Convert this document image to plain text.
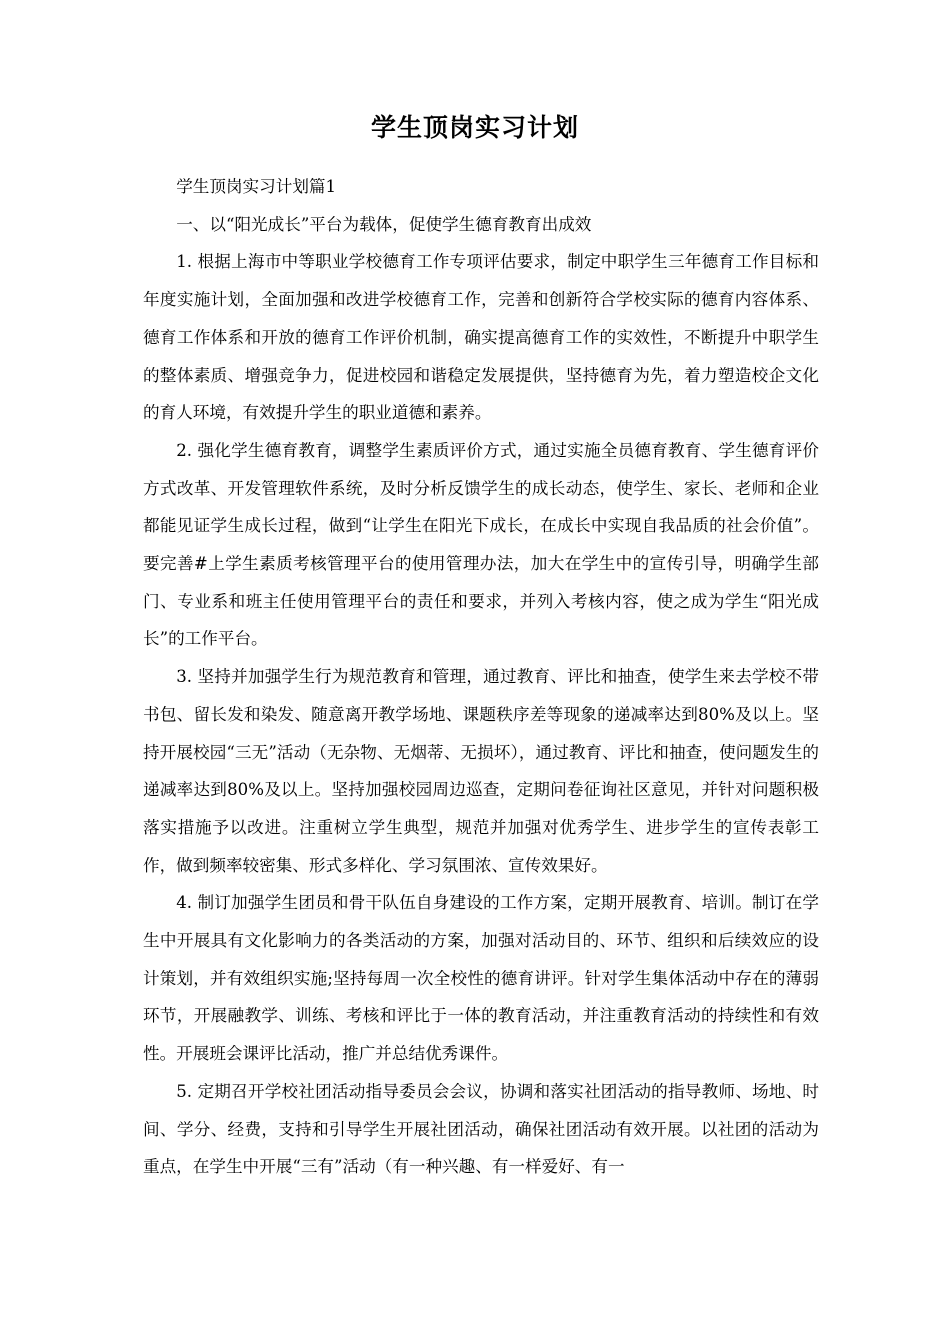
学生顶岗实习计划

学生顶岗实习计划篇1

一、以“阳光成长”平台为载体，促使学生德育教育出成效

1. 根据上海市中等职业学校德育工作专项评估要求，制定中职学生三年德育工作目标和年度实施计划，全面加强和改进学校德育工作，完善和创新符合学校实际的德育内容体系、德育工作体系和开放的德育工作评价机制，确实提高德育工作的实效性，不断提升中职学生的整体素质、增强竞争力，促进校园和谐稳定发展提供，坚持德育为先，着力塑造校企文化的育人环境，有效提升学生的职业道德和素养。

2. 强化学生德育教育，调整学生素质评价方式，通过实施全员德育教育、学生德育评价方式改革、开发管理软件系统，及时分析反馈学生的成长动态，使学生、家长、老师和企业都能见证学生成长过程，做到“让学生在阳光下成长，在成长中实现自我品质的社会价值”。要完善#上学生素质考核管理平台的使用管理办法，加大在学生中的宣传引导，明确学生部门、专业系和班主任使用管理平台的责任和要求，并列入考核内容，使之成为学生“阳光成长”的工作平台。

3. 坚持并加强学生行为规范教育和管理，通过教育、评比和抽查，使学生来去学校不带书包、留长发和染发、随意离开教学场地、课题秩序差等现象的递减率达到80%及以上。坚持开展校园“三无”活动（无杂物、无烟蒂、无损坏），通过教育、评比和抽查，使问题发生的递减率达到80%及以上。坚持加强校园周边巡查，定期问卷征询社区意见，并针对问题积极落实措施予以改进。注重树立学生典型，规范并加强对优秀学生、进步学生的宣传表彰工作，做到频率较密集、形式多样化、学习氛围浓、宣传效果好。

4. 制订加强学生团员和骨干队伍自身建设的工作方案，定期开展教育、培训。制订在学生中开展具有文化影响力的各类活动的方案，加强对活动目的、环节、组织和后续效应的设计策划，并有效组织实施;坚持每周一次全校性的德育讲评。针对学生集体活动中存在的薄弱环节，开展融教学、训练、考核和评比于一体的教育活动，并注重教育活动的持续性和有效性。开展班会课评比活动，推广并总结优秀课件。

5. 定期召开学校社团活动指导委员会会议，协调和落实社团活动的指导教师、场地、时间、学分、经费，支持和引导学生开展社团活动，确保社团活动有效开展。以社团的活动为重点，在学生中开展“三有”活动（有一种兴趣、有一样爱好、有一
